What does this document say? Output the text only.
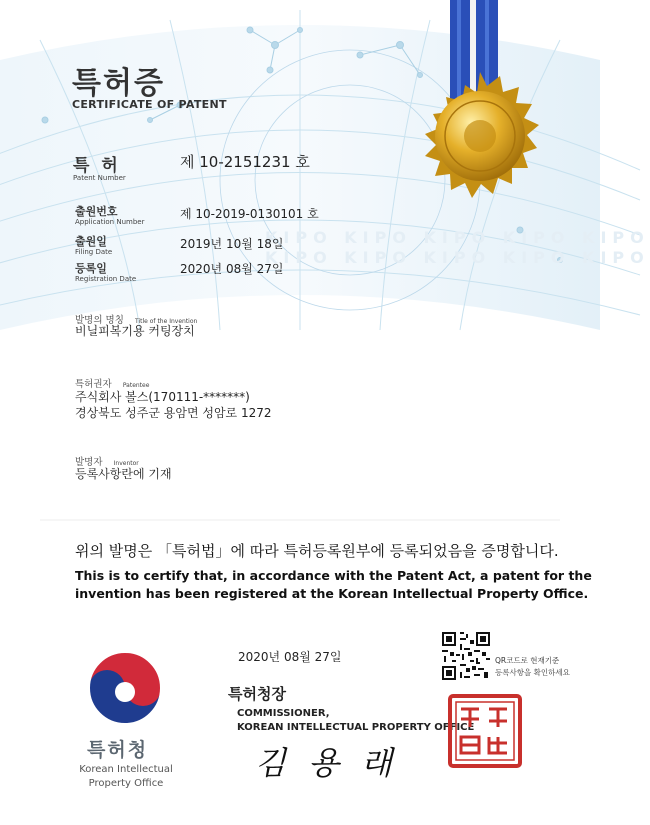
KIPO KIPO KIPO KIPO KIPO
KIPO KIPO KIPO KIPO KIPO
특허증
CERTIFICATE OF PATENT
특 허
Patent Number
제 10-2151231 호
출원번호
Application Number
제 10-2019-0130101 호
출원일
Filing Date
2019년 10월 18일
등록일
Registration Date
2020년 08월 27일
발명의 명칭 Title of the Invention
비닐피복기용 커팅장치
특허권자 Patentee
주식회사 볼스(170111-*******)
경상북도 성주군 용암면 성암로 1272
발명자 Inventor
등록사항란에 기재
위의 발명은 「특허법」에 따라 특허등록원부에 등록되었음을 증명합니다.
This is to certify that, in accordance with the Patent Act, a patent for the
invention has been registered at the Korean Intellectual Property Office.
특허청
Korean Intellectual
Property Office
2020년 08월 27일
특허청장
COMMISSIONER,
KOREAN INTELLECTUAL PROPERTY OFFICE
김 용 래
QR코드로 현재기준
등록사항을 확인하세요
